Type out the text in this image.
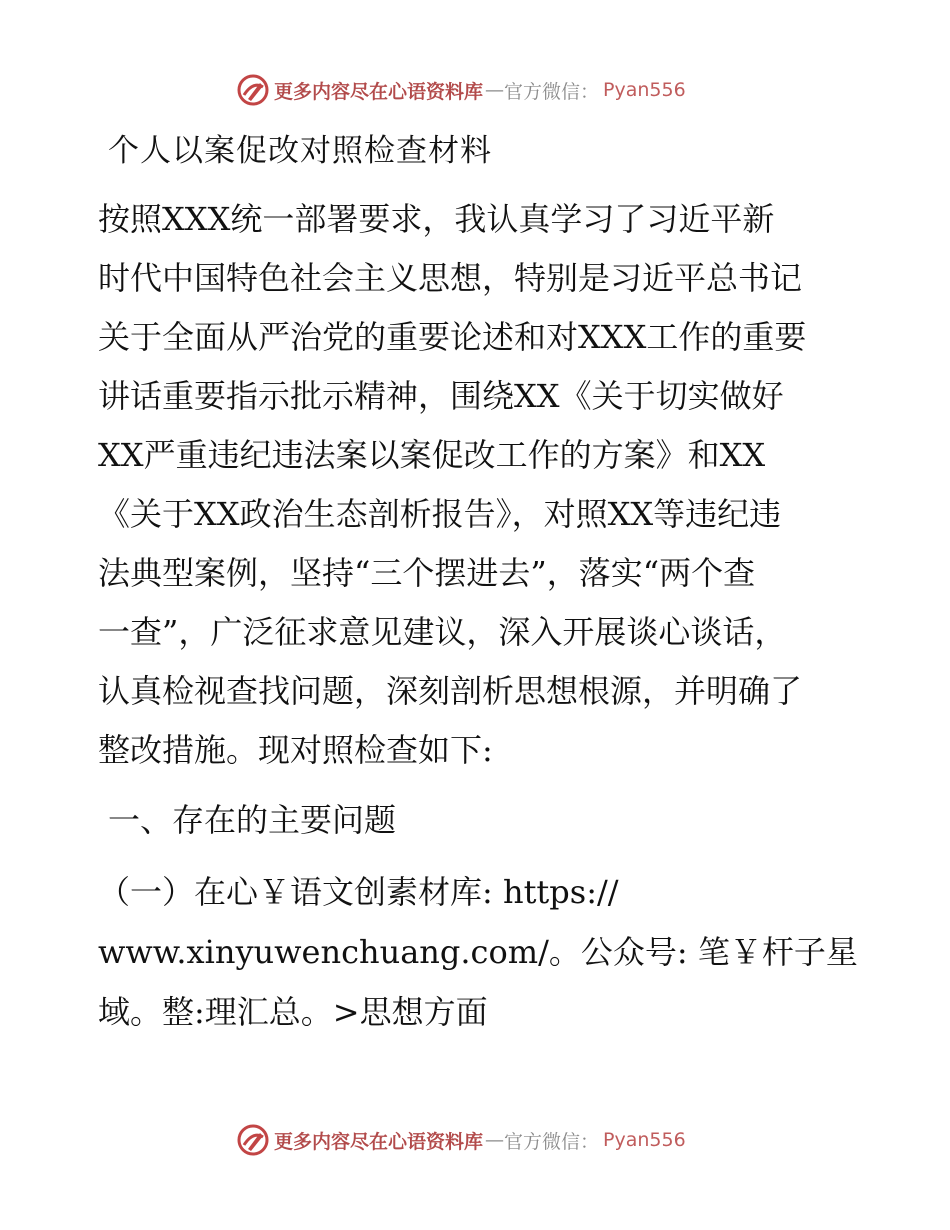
更多内容尽在心语资料库 — 官方微信： Pyan556
个人以案促改对照检查材料
按照XXX统一部署要求，我认真学习了习近平新
时代中国特色社会主义思想，特别是习近平总书记
关于全面从严治党的重要论述和对XXX工作的重要
讲话重要指示批示精神，围绕XX《关于切实做好
XX严重违纪违法案以案促改工作的方案》和XX
《关于XX政治生态剖析报告》，对照XX等违纪违
法典型案例，坚持“三个摆进去”，落实“两个查
一查”，广泛征求意见建议，深入开展谈心谈话，
认真检视查找问题，深刻剖析思想根源，并明确了
整改措施。现对照检查如下:
一、存在的主要问题
（一）在心￥语文创素材库: https://
www.xinyuwenchuang.com/。公众号: 笔￥杆子星
域。整:理汇总。>思想方面
更多内容尽在心语资料库 — 官方微信： Pyan556
